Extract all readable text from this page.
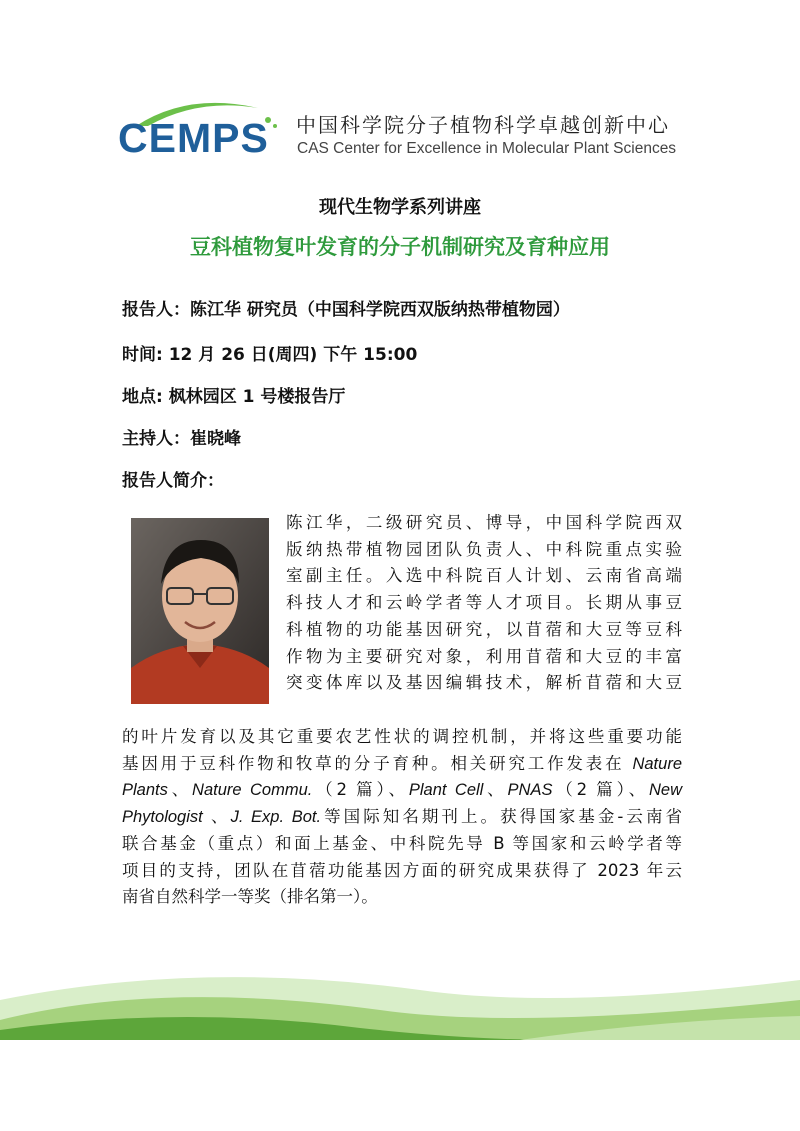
CEMPS 中国科学院分子植物科学卓越创新中心
CAS Center for Excellence in Molecular Plant Sciences
现代生物学系列讲座
豆科植物复叶发育的分子机制研究及育种应用
报告人：陈江华 研究员（中国科学院西双版纳热带植物园）
时间: 12 月 26 日(周四) 下午 15:00
地点: 枫林园区 1 号楼报告厅
主持人：崔晓峰
报告人简介：

陈江华，二级研究员、博导，中国科学院西双

版纳热带植物园团队负责人、中科院重点实验

室副主任。入选中科院百人计划、云南省高端

科技人才和云岭学者等人才项目。长期从事豆

科植物的功能基因研究，以苜蓿和大豆等豆科

作物为主要研究对象，利用苜蓿和大豆的丰富

突变体库以及基因编辑技术，解析苜蓿和大豆

的叶片发育以及其它重要农艺性状的调控机制，并将这些重要功能

基因用于豆科作物和牧草的分子育种。相关研究工作发表在 Nature

Plants、Nature Commu.（2 篇）、Plant Cell、PNAS（2 篇）、New

Phytologist 、J. Exp. Bot.等国际知名期刊上。获得国家基金-云南省

联合基金（重点）和面上基金、中科院先导 B 等国家和云岭学者等

项目的支持，团队在苜蓿功能基因方面的研究成果获得了 2023 年云

南省自然科学一等奖（排名第一）。
